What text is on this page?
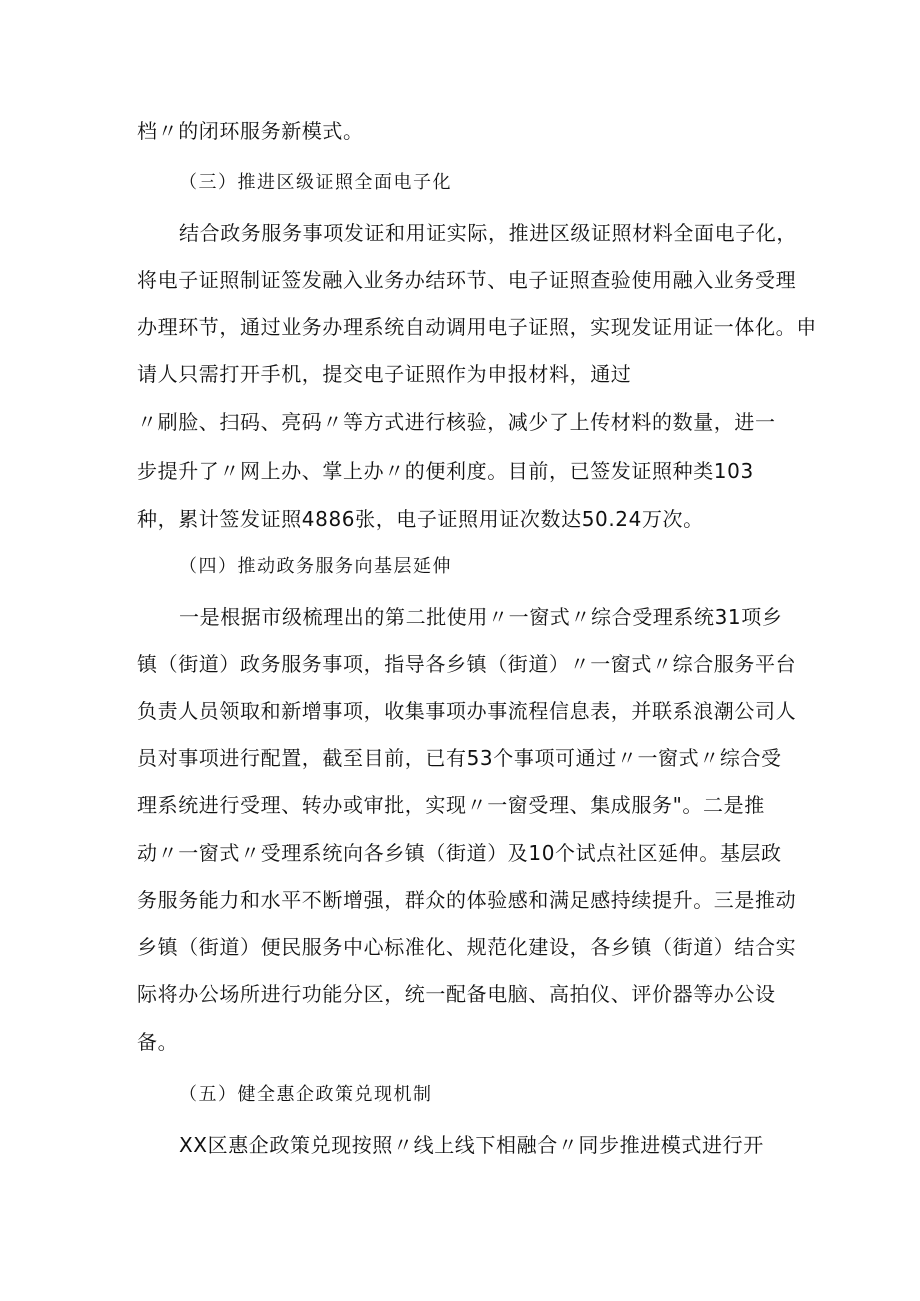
档〃的闭环服务新模式。
（三）推进区级证照全面电子化
结合政务服务事项发证和用证实际，推进区级证照材料全面电子化，
将电子证照制证签发融入业务办结环节、电子证照查验使用融入业务受理
办理环节，通过业务办理系统自动调用电子证照，实现发证用证一体化。申
请人只需打开手机，提交电子证照作为申报材料，通过
〃刷脸、扫码、亮码〃等方式进行核验，减少了上传材料的数量，进一
步提升了〃网上办、掌上办〃的便利度。目前，已签发证照种类103
种，累计签发证照4886张，电子证照用证次数达50.24万次。
（四）推动政务服务向基层延伸
一是根据市级梳理出的第二批使用〃一窗式〃综合受理系统31项乡
镇（街道）政务服务事项，指导各乡镇（街道）〃一窗式〃综合服务平台
负责人员领取和新增事项，收集事项办事流程信息表，并联系浪潮公司人
员对事项进行配置，截至目前，已有53个事项可通过〃一窗式〃综合受
理系统进行受理、转办或审批，实现〃一窗受理、集成服务"。二是推
动〃一窗式〃受理系统向各乡镇（街道）及10个试点社区延伸。基层政
务服务能力和水平不断增强，群众的体验感和满足感持续提升。三是推动
乡镇（街道）便民服务中心标准化、规范化建设，各乡镇（街道）结合实
际将办公场所进行功能分区，统一配备电脑、高拍仪、评价器等办公设
备。
（五）健全惠企政策兑现机制
XX区惠企政策兑现按照〃线上线下相融合〃同步推进模式进行开
